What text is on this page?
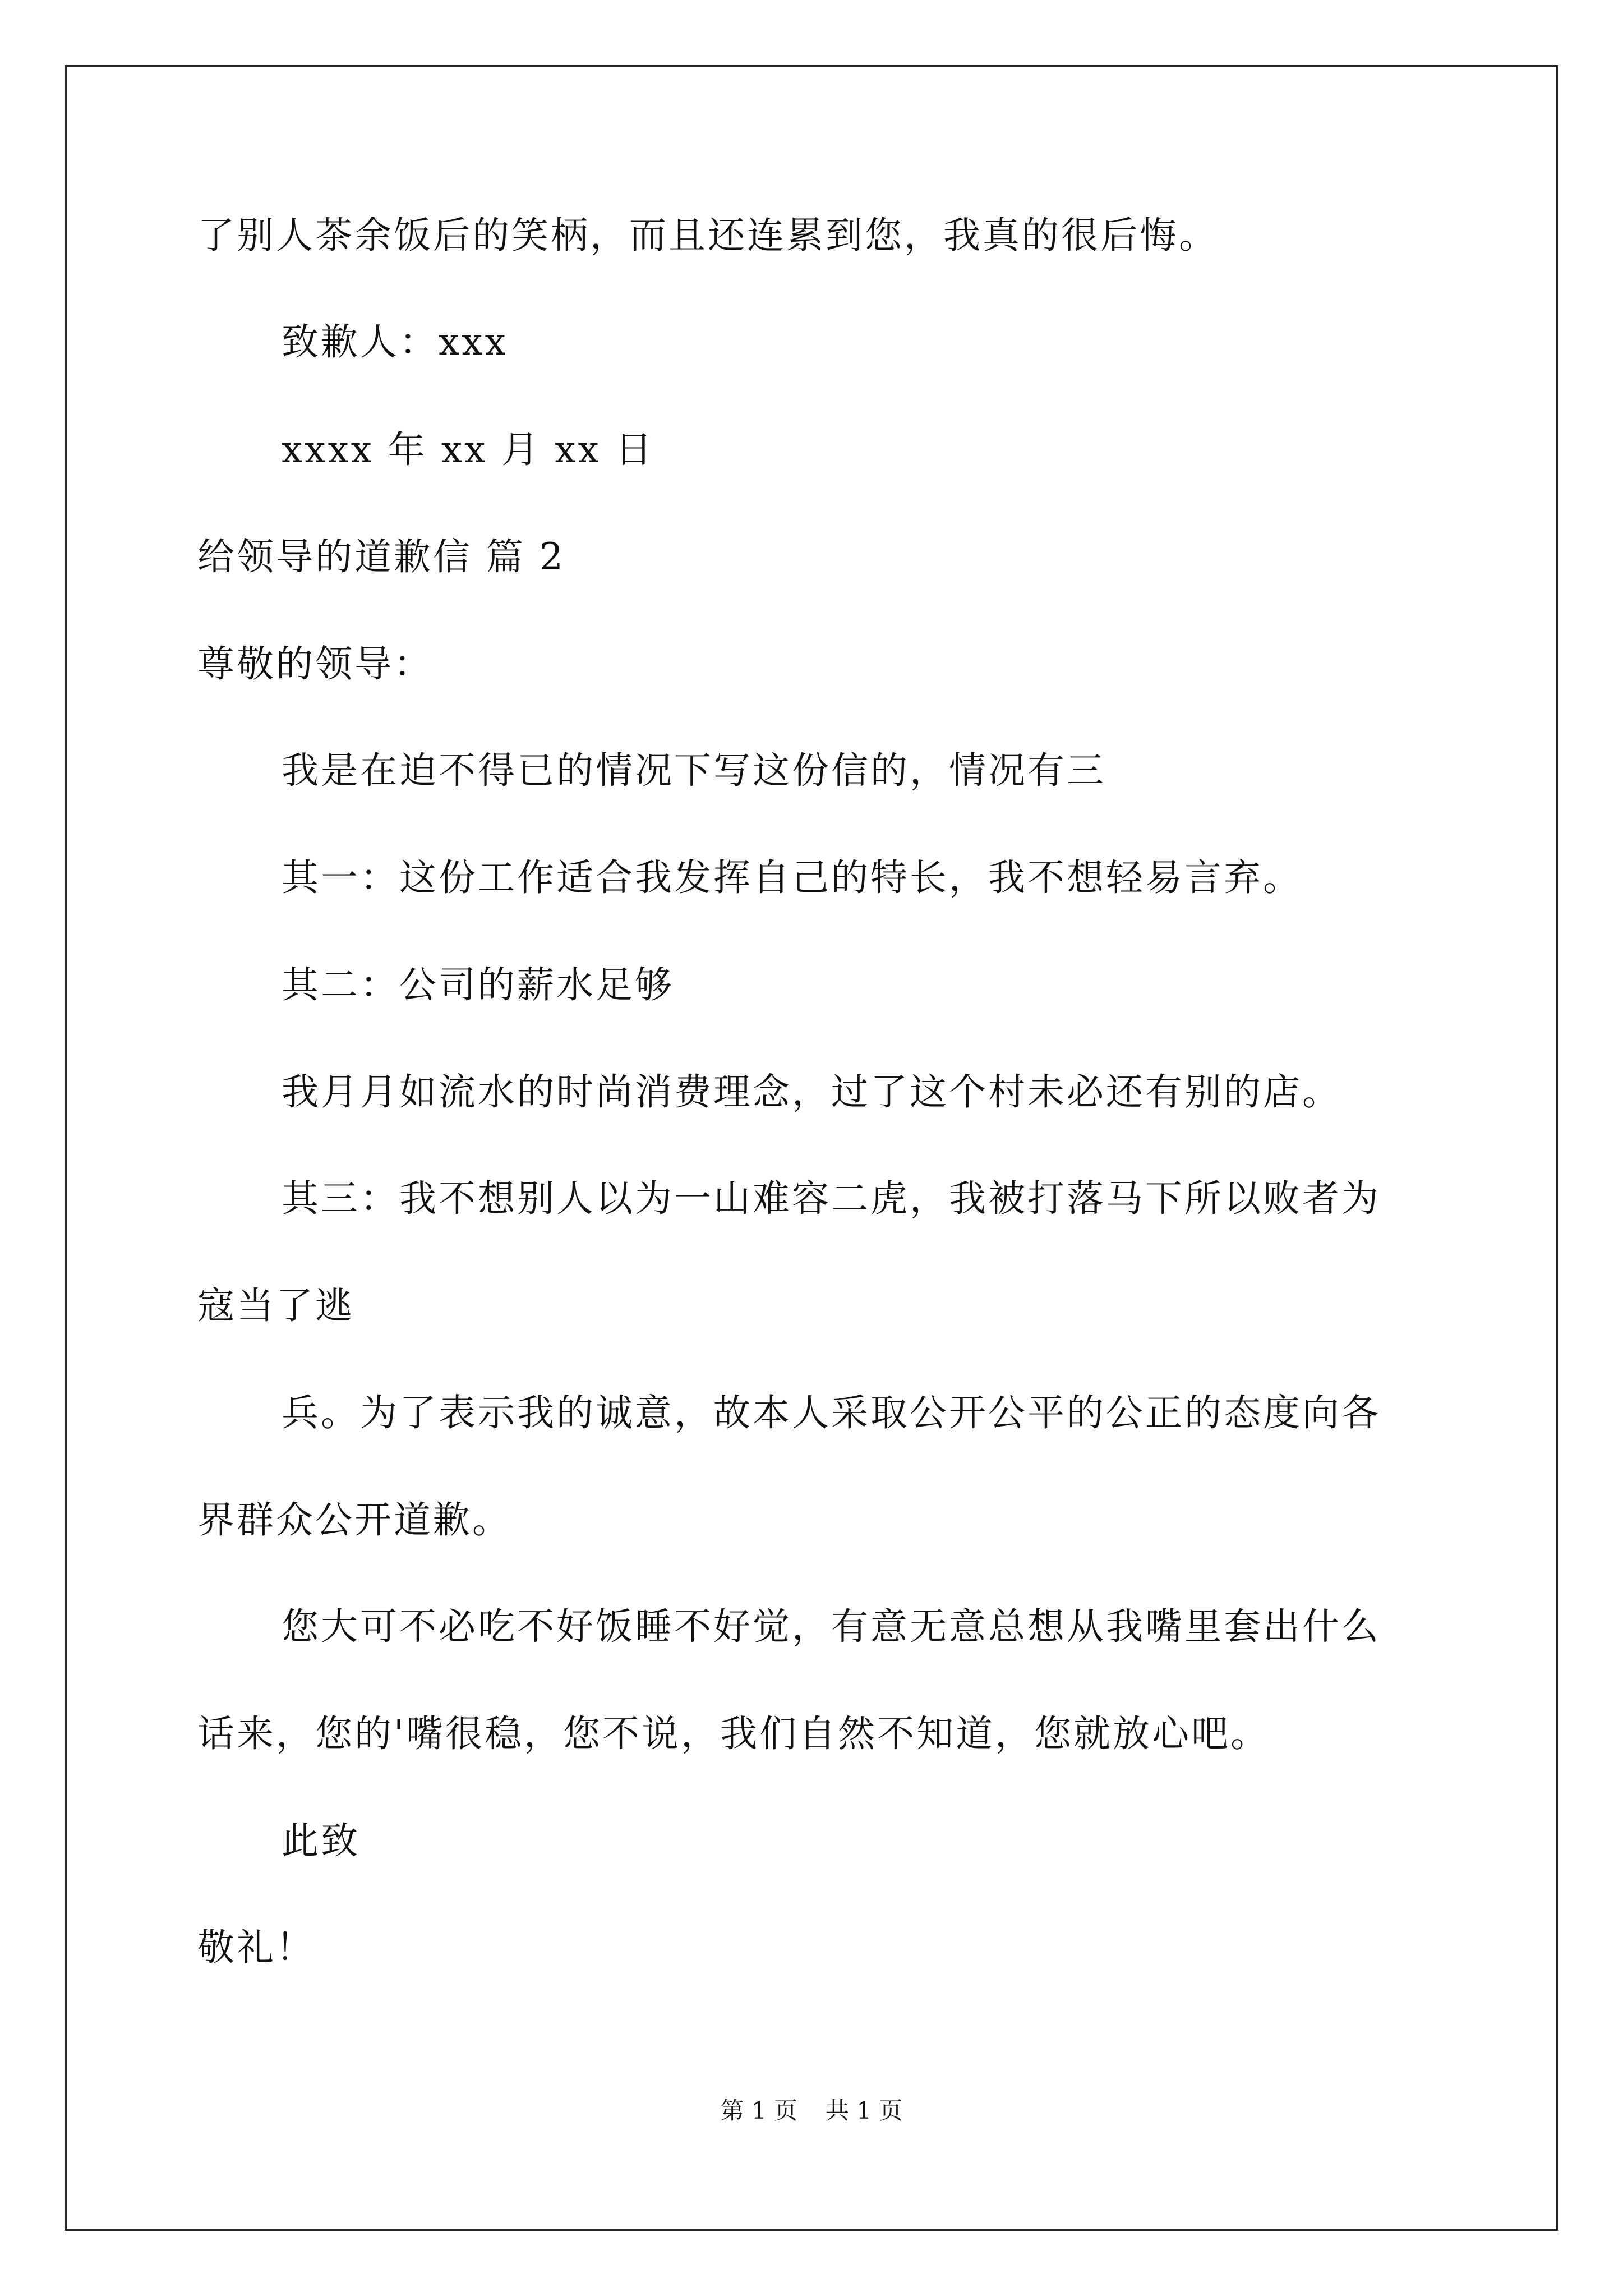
了别人茶余饭后的笑柄，而且还连累到您，我真的很后悔。
致歉人：xxx
xxxx 年 xx 月 xx 日
给领导的道歉信 篇 2
尊敬的领导：
我是在迫不得已的情况下写这份信的，情况有三
其一：这份工作适合我发挥自己的特长，我不想轻易言弃。
其二：公司的薪水足够
我月月如流水的时尚消费理念，过了这个村未必还有别的店。
其三：我不想别人以为一山难容二虎，我被打落马下所以败者为
寇当了逃
兵。为了表示我的诚意，故本人采取公开公平的公正的态度向各
界群众公开道歉。
您大可不必吃不好饭睡不好觉，有意无意总想从我嘴里套出什么
话来，您的'嘴很稳，您不说，我们自然不知道，您就放心吧。
此致
敬礼！
第 1 页 共 1 页
